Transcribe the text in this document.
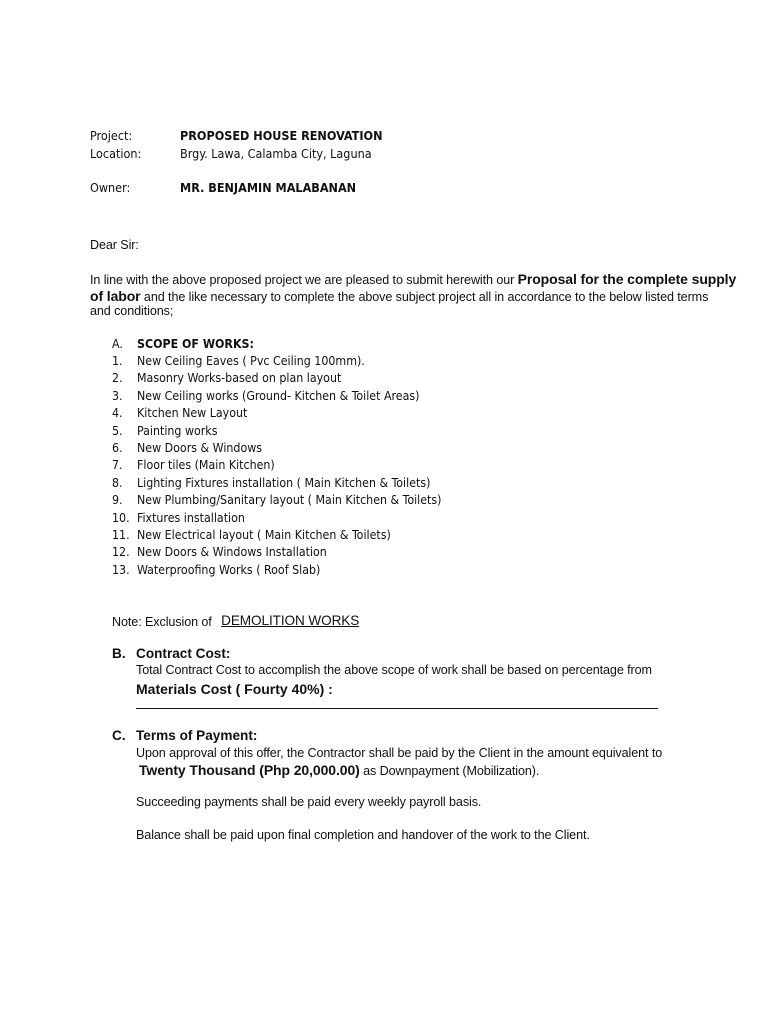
Project:	PROPOSED HOUSE RENOVATION
Location:	Brgy. Lawa, Calamba City, Laguna
Owner:	MR. BENJAMIN MALABANAN
Dear Sir:
In line with the above proposed project we are pleased to submit herewith our Proposal for the complete supply
of labor and the like necessary to complete the above subject project all in accordance to the below listed terms
and conditions;
A. SCOPE OF WORKS:
1. New Ceiling Eaves ( Pvc Ceiling 100mm).
2. Masonry Works-based on plan layout
3. New Ceiling works (Ground- Kitchen & Toilet Areas)
4. Kitchen New Layout
5. Painting works
6. New Doors & Windows
7. Floor tiles (Main Kitchen)
8. Lighting Fixtures installation ( Main Kitchen & Toilets)
9. New Plumbing/Sanitary layout ( Main Kitchen & Toilets)
10. Fixtures installation
11. New Electrical layout ( Main Kitchen & Toilets)
12. New Doors & Windows Installation
13. Waterproofing Works ( Roof Slab)
Note: Exclusion of DEMOLITION WORKS
B. Contract Cost:
Total Contract Cost to accomplish the above scope of work shall be based on percentage from
Materials Cost ( Fourty 40%) :
C. Terms of Payment:
Upon approval of this offer, the Contractor shall be paid by the Client in the amount equivalent to
Twenty Thousand (Php 20,000.00) as Downpayment (Mobilization).
Succeeding payments shall be paid every weekly payroll basis.
Balance shall be paid upon final completion and handover of the work to the Client.
